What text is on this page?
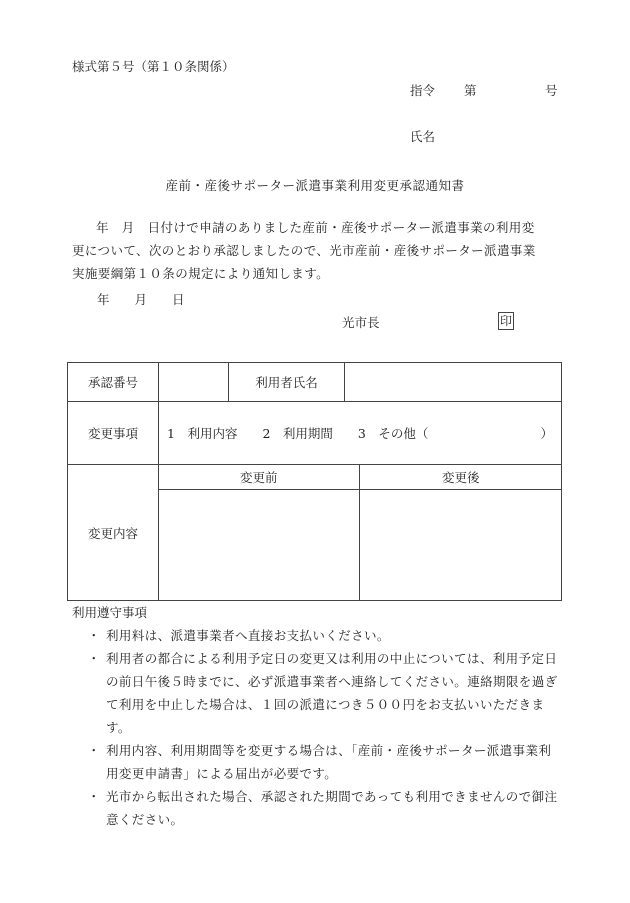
様式第５号（第１０条関係）
指令 第	号
氏名
産前・産後サポーター派遣事業利用変更承認通知書
年　月　日付けで申請のありました産前・産後サポーター派遣事業の利用変
更について、次のとおり承認しましたので、光市産前・産後サポーター派遣事業
実施要綱第１０条の規定により通知します。
年　　月　　日
光市長	印
承認番号		利用者氏名	
変更事項	1　利用内容　　2　利用期間　　3　その他（	）

変更内容	
変更前	変更後

利用遵守事項
・ 利用料は、派遣事業者へ直接お支払いください。
・ 利用者の都合による利用予定日の変更又は利用の中止については、利用予定日の前日午後５時までに、必ず派遣事業者へ連絡してください。連絡期限を過ぎて利用を中止した場合は、１回の派遣につき５００円をお支払いいただきます。
・ 利用内容、利用期間等を変更する場合は、「産前・産後サポーター派遣事業利用変更申請書」による届出が必要です。
・ 光市から転出された場合、承認された期間であっても利用できませんので御注意ください。
